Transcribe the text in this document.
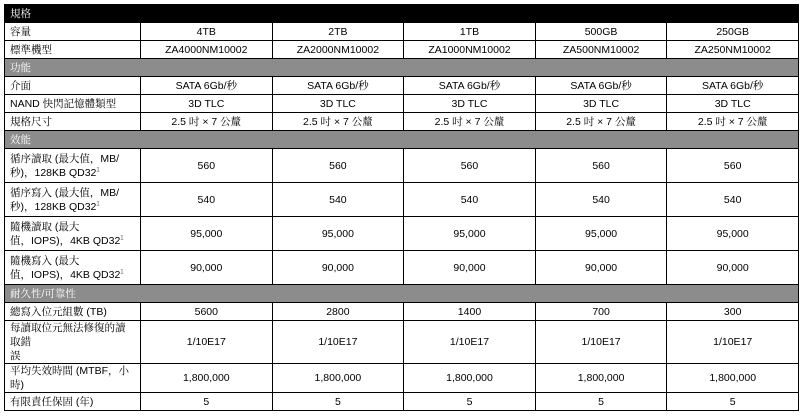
規格					
容量	4TB	2TB	1TB	500GB	250GB
標準機型	ZA4000NM10002	ZA2000NM10002	ZA1000NM10002	ZA500NM10002	ZA250NM10002
功能					
介面	SATA 6Gb/秒	SATA 6Gb/秒	SATA 6Gb/秒	SATA 6Gb/秒	SATA 6Gb/秒
NAND 快閃記憶體類型	3D TLC	3D TLC	3D TLC	3D TLC	3D TLC
規格尺寸	2.5 吋 × 7 公釐	2.5 吋 × 7 公釐	2.5 吋 × 7 公釐	2.5 吋 × 7 公釐	2.5 吋 × 7 公釐
效能					
循序讀取 (最大值，MB/
秒)，128KB $QD32^1$	560	560	560	560	560
循序寫入 (最大值，MB/
秒)，128KB $QD32^1$	540	540	540	540	540
隨機讀取 (最大
值，IOPS)，4KB $QD32^1$	95,000	95,000	95,000	95,000	95,000
隨機寫入 (最大
值，IOPS)，4KB $QD32^1$	90,000	90,000	90,000	90,000	90,000
耐久性/可靠性					
總寫入位元組數 (TB)	5600	2800	1400	700	300
每讀取位元無法修復的讀取錯
誤	1/10E17	1/10E17	1/10E17	1/10E17	1/10E17
平均失效時間 (MTBF，小時)	1,800,000	1,800,000	1,800,000	1,800,000	1,800,000
有限責任保固 (年)	5	5	5	5	5
